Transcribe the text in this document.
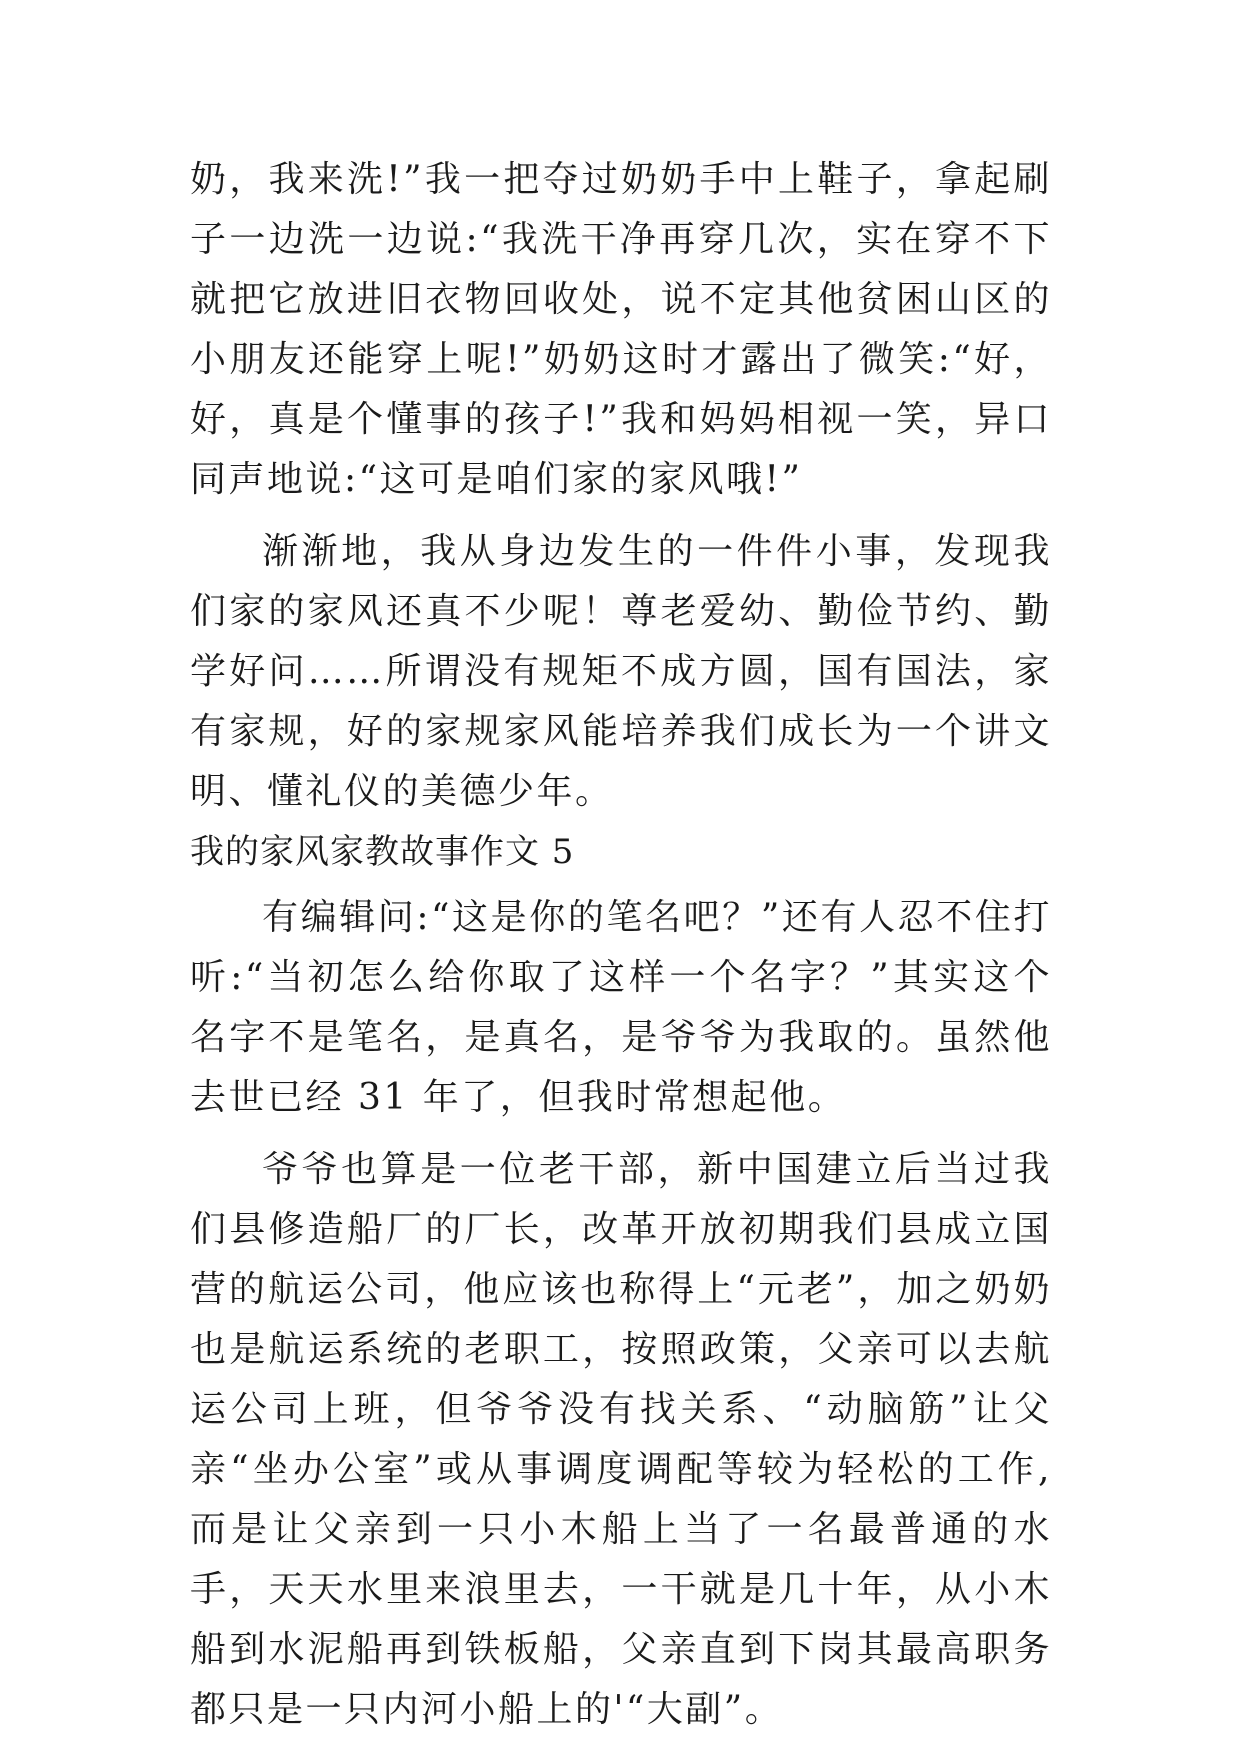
奶，我来洗!”我一把夺过奶奶手中上鞋子，拿起刷子一边洗一边说:“我洗干净再穿几次，实在穿不下就把它放进旧衣物回收处，说不定其他贫困山区的小朋友还能穿上呢!”奶奶这时才露出了微笑:“好，好，真是个懂事的孩子!”我和妈妈相视一笑，异口同声地说:“这可是咱们家的家风哦!”

渐渐地，我从身边发生的一件件小事，发现我们家的家风还真不少呢！尊老爱幼、勤俭节约、勤学好问……所谓没有规矩不成方圆，国有国法，家有家规，好的家规家风能培养我们成长为一个讲文明、懂礼仪的美德少年。

我的家风家教故事作文 5

有编辑问:“这是你的笔名吧？”还有人忍不住打听:“当初怎么给你取了这样一个名字？”其实这个名字不是笔名，是真名，是爷爷为我取的。虽然他去世已经 31 年了，但我时常想起他。

爷爷也算是一位老干部，新中国建立后当过我们县修造船厂的厂长，改革开放初期我们县成立国营的航运公司，他应该也称得上“元老”，加之奶奶也是航运系统的老职工，按照政策，父亲可以去航运公司上班，但爷爷没有找关系、“动脑筋”让父亲“坐办公室”或从事调度调配等较为轻松的工作,而是让父亲到一只小木船上当了一名最普通的水手，天天水里来浪里去，一干就是几十年，从小木船到水泥船再到铁板船，父亲直到下岗其最高职务都只是一只内河小船上的'“大副”。
